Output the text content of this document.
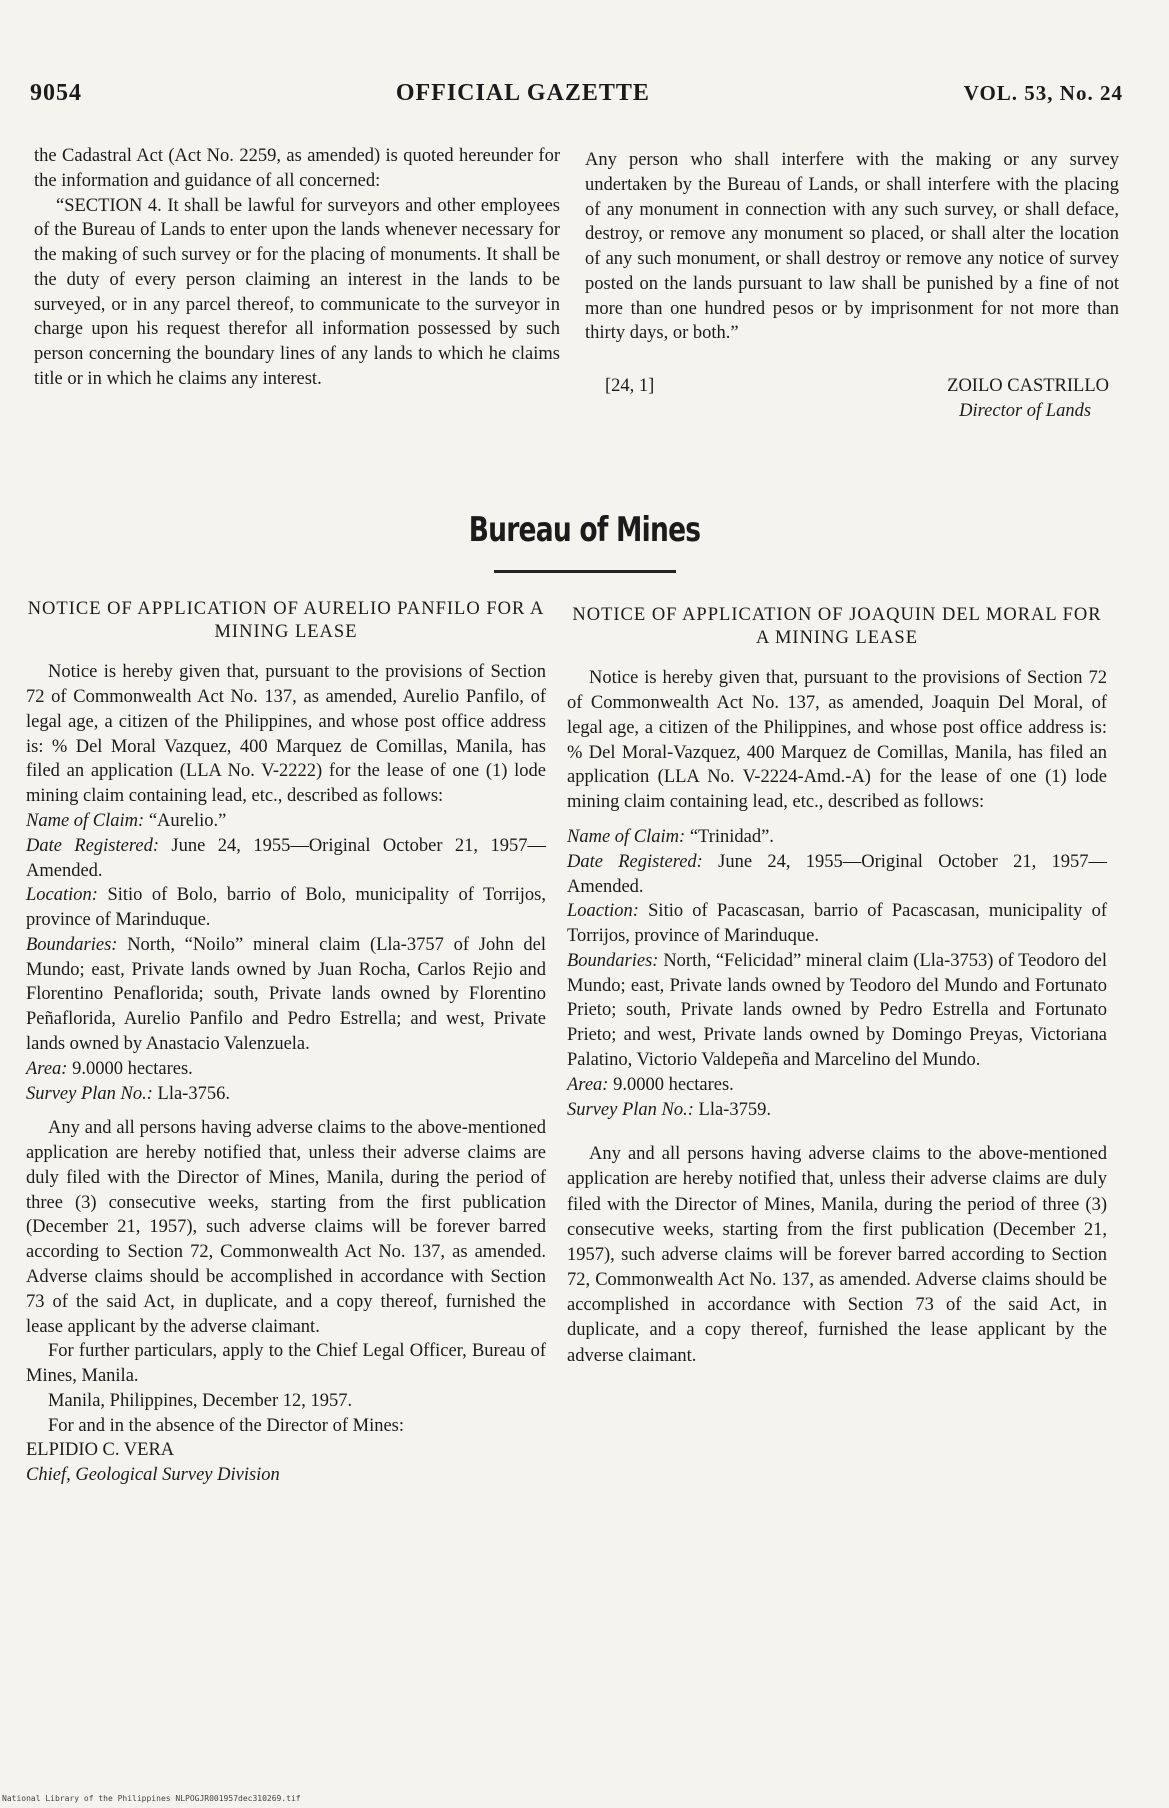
9054	OFFICIAL GAZETTE	VOL. 53, No. 24

the Cadastral Act (Act No. 2259, as amended) is quoted hereunder for the information and guidance of all concerned:

“SECTION 4. It shall be lawful for surveyors and other employees of the Bureau of Lands to enter upon the lands whenever necessary for the making of such survey or for the placing of monuments. It shall be the duty of every person claiming an interest in the lands to be surveyed, or in any parcel thereof, to communicate to the surveyor in charge upon his request therefor all information possessed by such person concerning the boundary lines of any lands to which he claims title or in which he claims any interest.

Any person who shall interfere with the making or any survey undertaken by the Bureau of Lands, or shall interfere with the placing of any monument in connection with any such survey, or shall deface, destroy, or remove any monument so placed, or shall alter the location of any such monument, or shall destroy or remove any notice of survey posted on the lands pursuant to law shall be punished by a fine of not more than one hundred pesos or by imprisonment for not more than thirty days, or both.”

[24, 1]	ZOILO CASTRILLO
Director of Lands
Bureau of Mines
NOTICE OF APPLICATION OF AURELIO PANFILO FOR A MINING LEASE

Notice is hereby given that, pursuant to the provisions of Section 72 of Commonwealth Act No. 137, as amended, Aurelio Panfilo, of legal age, a citizen of the Philippines, and whose post office address is: % Del Moral Vazquez, 400 Marquez de Comillas, Manila, has filed an application (LLA No. V-2222) for the lease of one (1) lode mining claim containing lead, etc., described as follows:

Name of Claim: “Aurelio.”

Date Registered: June 24, 1955—Original October 21, 1957—Amended.

Location: Sitio of Bolo, barrio of Bolo, municipality of Torrijos, province of Marinduque.

Boundaries: North, “Noilo” mineral claim (Lla-3757 of John del Mundo; east, Private lands owned by Juan Rocha, Carlos Rejio and Florentino Penaflorida; south, Private lands owned by Florentino Peñaflorida, Aurelio Panfilo and Pedro Estrella; and west, Private lands owned by Anastacio Valenzuela.

Area: 9.0000 hectares.

Survey Plan No.: Lla-3756.

Any and all persons having adverse claims to the above-mentioned application are hereby notified that, unless their adverse claims are duly filed with the Director of Mines, Manila, during the period of three (3) consecutive weeks, starting from the first publication (December 21, 1957), such adverse claims will be forever barred according to Section 72, Commonwealth Act No. 137, as amended. Adverse claims should be accomplished in accordance with Section 73 of the said Act, in duplicate, and a copy thereof, furnished the lease applicant by the adverse claimant.

For further particulars, apply to the Chief Legal Officer, Bureau of Mines, Manila.

Manila, Philippines, December 12, 1957.

For and in the absence of the Director of Mines:

ELPIDIO C. VERA

Chief, Geological Survey Division

NOTICE OF APPLICATION OF JOAQUIN DEL MORAL FOR A MINING LEASE

Notice is hereby given that, pursuant to the provisions of Section 72 of Commonwealth Act No. 137, as amended, Joaquin Del Moral, of legal age, a citizen of the Philippines, and whose post office address is: % Del Moral-Vazquez, 400 Marquez de Comillas, Manila, has filed an application (LLA No. V-2224-Amd.-A) for the lease of one (1) lode mining claim containing lead, etc., described as follows:

Name of Claim: “Trinidad”.

Date Registered: June 24, 1955—Original October 21, 1957—Amended.

Loaction: Sitio of Pacascasan, barrio of Pacascasan, municipality of Torrijos, province of Marinduque.

Boundaries: North, “Felicidad” mineral claim (Lla-3753) of Teodoro del Mundo; east, Private lands owned by Teodoro del Mundo and Fortunato Prieto; south, Private lands owned by Pedro Estrella and Fortunato Prieto; and west, Private lands owned by Domingo Preyas, Victoriana Palatino, Victorio Valdepeña and Marcelino del Mundo.

Area: 9.0000 hectares.

Survey Plan No.: Lla-3759.

Any and all persons having adverse claims to the above-mentioned application are hereby notified that, unless their adverse claims are duly filed with the Director of Mines, Manila, during the period of three (3) consecutive weeks, starting from the first publication (December 21, 1957), such adverse claims will be forever barred according to Section 72, Commonwealth Act No. 137, as amended. Adverse claims should be accomplished in accordance with Section 73 of the said Act, in duplicate, and a copy thereof, furnished the lease applicant by the adverse claimant.

National Library of the Philippines NLPOGJR001957dec310269.tif
